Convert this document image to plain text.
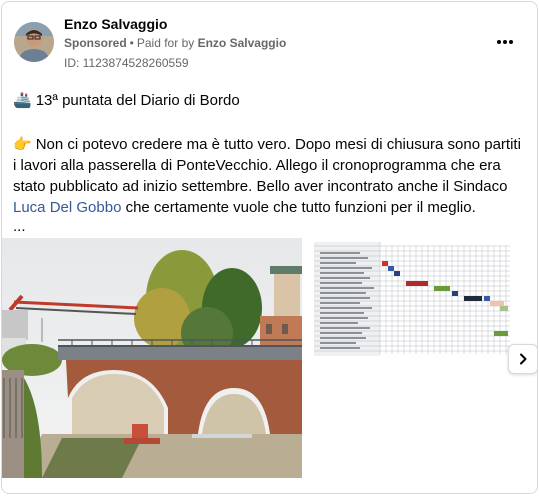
Enzo Salvaggio
Sponsored • Paid for by Enzo Salvaggio
ID: 1123874528260559
🚢 13ª puntata del Diario di Bordo
👉 Non ci potevo credere ma è tutto vero. Dopo mesi di chiusura sono partiti i lavori alla passerella di PonteVecchio. Allego il cronoprogramma che era stato pubblicato ad inizio settembre. Bello aver incontrato anche il Sindaco Luca Del Gobbo che certamente vuole che tutto funzioni per il meglio.
...
